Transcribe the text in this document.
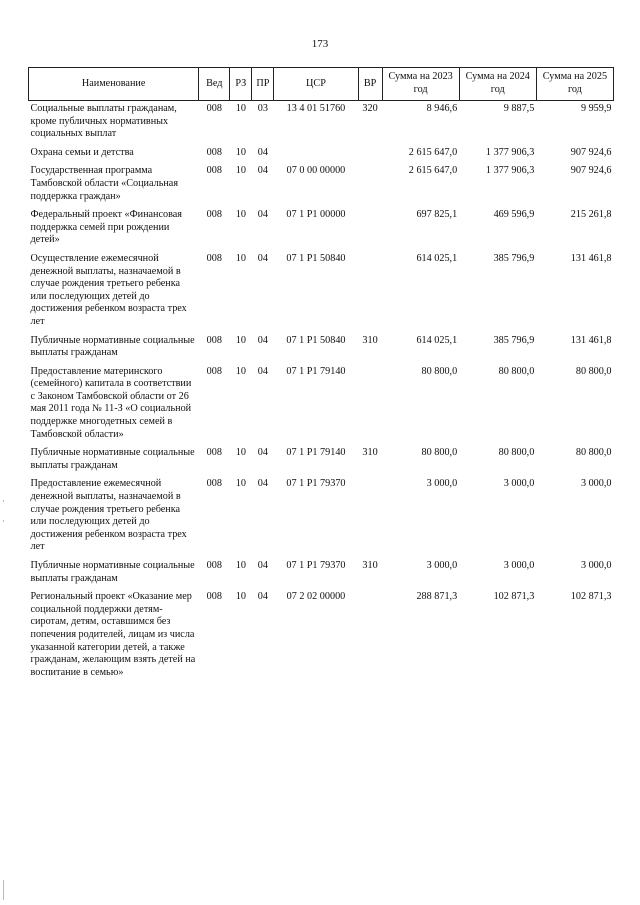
173
Наименование	Вед	РЗ	ПР	ЦСР	ВР	Сумма на 2023 год	Сумма на 2024 год	Сумма на 2025 год
Социальные выплаты гражданам, кроме публичных нормативных социальных выплат	008	10	03	13 4 01 51760	320	8 946,6	9 887,5	9 959,9
Охрана семьи и детства	008	10	04			2 615 647,0	1 377 906,3	907 924,6
Государственная программа Тамбовской области «Социальная поддержка граждан»	008	10	04	07 0 00 00000		2 615 647,0	1 377 906,3	907 924,6
Федеральный проект «Финансовая поддержка семей при рождении детей»	008	10	04	07 1 P1 00000		697 825,1	469 596,9	215 261,8
Осуществление ежемесячной денежной выплаты, назначаемой в случае рождения третьего ребенка или последующих детей до достижения ребенком возраста трех лет	008	10	04	07 1 P1 50840		614 025,1	385 796,9	131 461,8
Публичные нормативные социальные выплаты гражданам	008	10	04	07 1 P1 50840	310	614 025,1	385 796,9	131 461,8
Предоставление материнского (семейного) капитала в соответствии с Законом Тамбовской области от 26 мая 2011 года № 11-З «О социальной поддержке многодетных семей в Тамбовской области»	008	10	04	07 1 P1 79140		80 800,0	80 800,0	80 800,0
Публичные нормативные социальные выплаты гражданам	008	10	04	07 1 P1 79140	310	80 800,0	80 800,0	80 800,0
Предоставление ежемесячной денежной выплаты, назначаемой в случае рождения третьего ребенка или последующих детей до достижения ребенком возраста трех лет	008	10	04	07 1 P1 79370		3 000,0	3 000,0	3 000,0
Публичные нормативные социальные выплаты гражданам	008	10	04	07 1 P1 79370	310	3 000,0	3 000,0	3 000,0
Региональный проект «Оказание мер социальной поддержки детям-сиротам, детям, оставшимся без попечения родителей, лицам из числа указанной категории детей, а также гражданам, желающим взять детей на воспитание в семью»	008	10	04	07 2 02 00000		288 871,3	102 871,3	102 871,3
